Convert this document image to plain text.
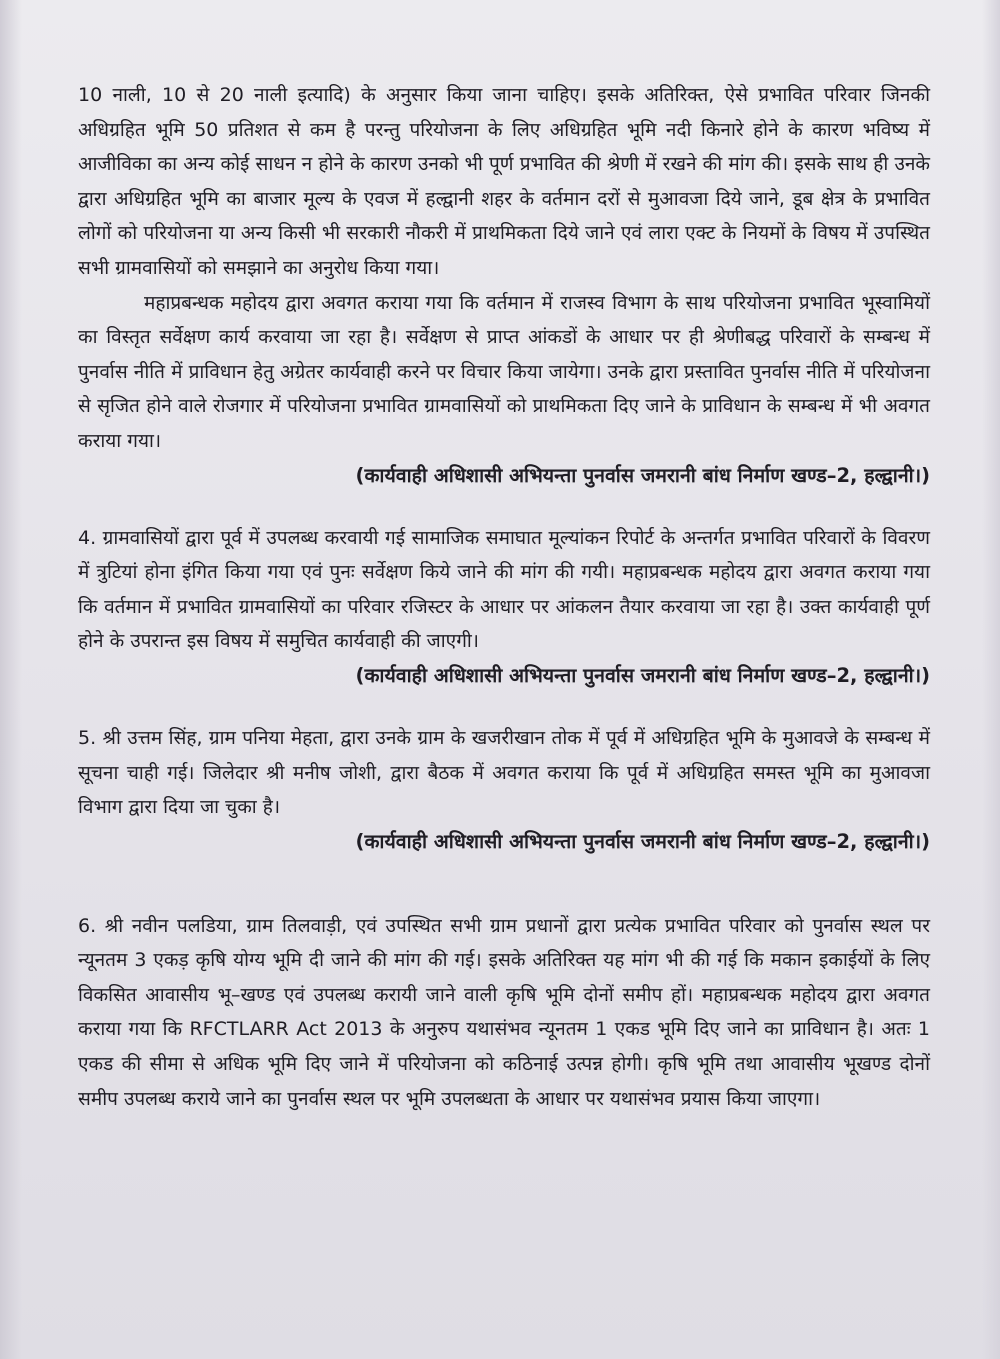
10 नाली, 10 से 20 नाली इत्यादि) के अनुसार किया जाना चाहिए। इसके अतिरिक्त, ऐसे प्रभावित परिवार जिनकी अधिग्रहित भूमि 50 प्रतिशत से कम है परन्तु परियोजना के लिए अधिग्रहित भूमि नदी किनारे होने के कारण भविष्य में आजीविका का अन्य कोई साधन न होने के कारण उनको भी पूर्ण प्रभावित की श्रेणी में रखने की मांग की। इसके साथ ही उनके द्वारा अधिग्रहित भूमि का बाजार मूल्य के एवज में हल्द्वानी शहर के वर्तमान दरों से मुआवजा दिये जाने, डूब क्षेत्र के प्रभावित लोगों को परियोजना या अन्य किसी भी सरकारी नौकरी में प्राथमिकता दिये जाने एवं लारा एक्ट के नियमों के विषय में उपस्थित सभी ग्रामवासियों को समझाने का अनुरोध किया गया।

महाप्रबन्धक महोदय द्वारा अवगत कराया गया कि वर्तमान में राजस्व विभाग के साथ परियोजना प्रभावित भूस्वामियों का विस्तृत सर्वेक्षण कार्य करवाया जा रहा है। सर्वेक्षण से प्राप्त आंकडों के आधार पर ही श्रेणीबद्ध परिवारों के सम्बन्ध में पुनर्वास नीति में प्राविधान हेतु अग्रेतर कार्यवाही करने पर विचार किया जायेगा। उनके द्वारा प्रस्तावित पुनर्वास नीति में परियोजना से सृजित होने वाले रोजगार में परियोजना प्रभावित ग्रामवासियों को प्राथमिकता दिए जाने के प्राविधान के सम्बन्ध में भी अवगत कराया गया।

(कार्यवाही अधिशासी अभियन्ता पुनर्वास जमरानी बांध निर्माण खण्ड–2, हल्द्वानी।)

4. ग्रामवासियों द्वारा पूर्व में उपलब्ध करवायी गई सामाजिक समाघात मूल्यांकन रिपोर्ट के अन्तर्गत प्रभावित परिवारों के विवरण में त्रुटियां होना इंगित किया गया एवं पुनः सर्वेक्षण किये जाने की मांग की गयी। महाप्रबन्धक महोदय द्वारा अवगत कराया गया कि वर्तमान में प्रभावित ग्रामवासियों का परिवार रजिस्टर के आधार पर आंकलन तैयार करवाया जा रहा है। उक्त कार्यवाही पूर्ण होने के उपरान्त इस विषय में समुचित कार्यवाही की जाएगी।

(कार्यवाही अधिशासी अभियन्ता पुनर्वास जमरानी बांध निर्माण खण्ड–2, हल्द्वानी।)

5. श्री उत्तम सिंह, ग्राम पनिया मेहता, द्वारा उनके ग्राम के खजरीखान तोक में पूर्व में अधिग्रहित भूमि के मुआवजे के सम्बन्ध में सूचना चाही गई। जिलेदार श्री मनीष जोशी, द्वारा बैठक में अवगत कराया कि पूर्व में अधिग्रहित समस्त भूमि का मुआवजा विभाग द्वारा दिया जा चुका है।

(कार्यवाही अधिशासी अभियन्ता पुनर्वास जमरानी बांध निर्माण खण्ड–2, हल्द्वानी।)

6. श्री नवीन पलडिया, ग्राम तिलवाड़ी, एवं उपस्थित सभी ग्राम प्रधानों द्वारा प्रत्येक प्रभावित परिवार को पुनर्वास स्थल पर न्यूनतम 3 एकड़ कृषि योग्य भूमि दी जाने की मांग की गई। इसके अतिरिक्त यह मांग भी की गई कि मकान इकाईयों के लिए विकसित आवासीय भू–खण्ड एवं उपलब्ध करायी जाने वाली कृषि भूमि दोनों समीप हों। महाप्रबन्धक महोदय द्वारा अवगत कराया गया कि RFCTLARR Act 2013 के अनुरुप यथासंभव न्यूनतम 1 एकड भूमि दिए जाने का प्राविधान है। अतः 1 एकड की सीमा से अधिक भूमि दिए जाने में परियोजना को कठिनाई उत्पन्न होगी। कृषि भूमि तथा आवासीय भूखण्ड दोनों समीप उपलब्ध कराये जाने का पुनर्वास स्थल पर भूमि उपलब्धता के आधार पर यथासंभव प्रयास किया जाएगा।
